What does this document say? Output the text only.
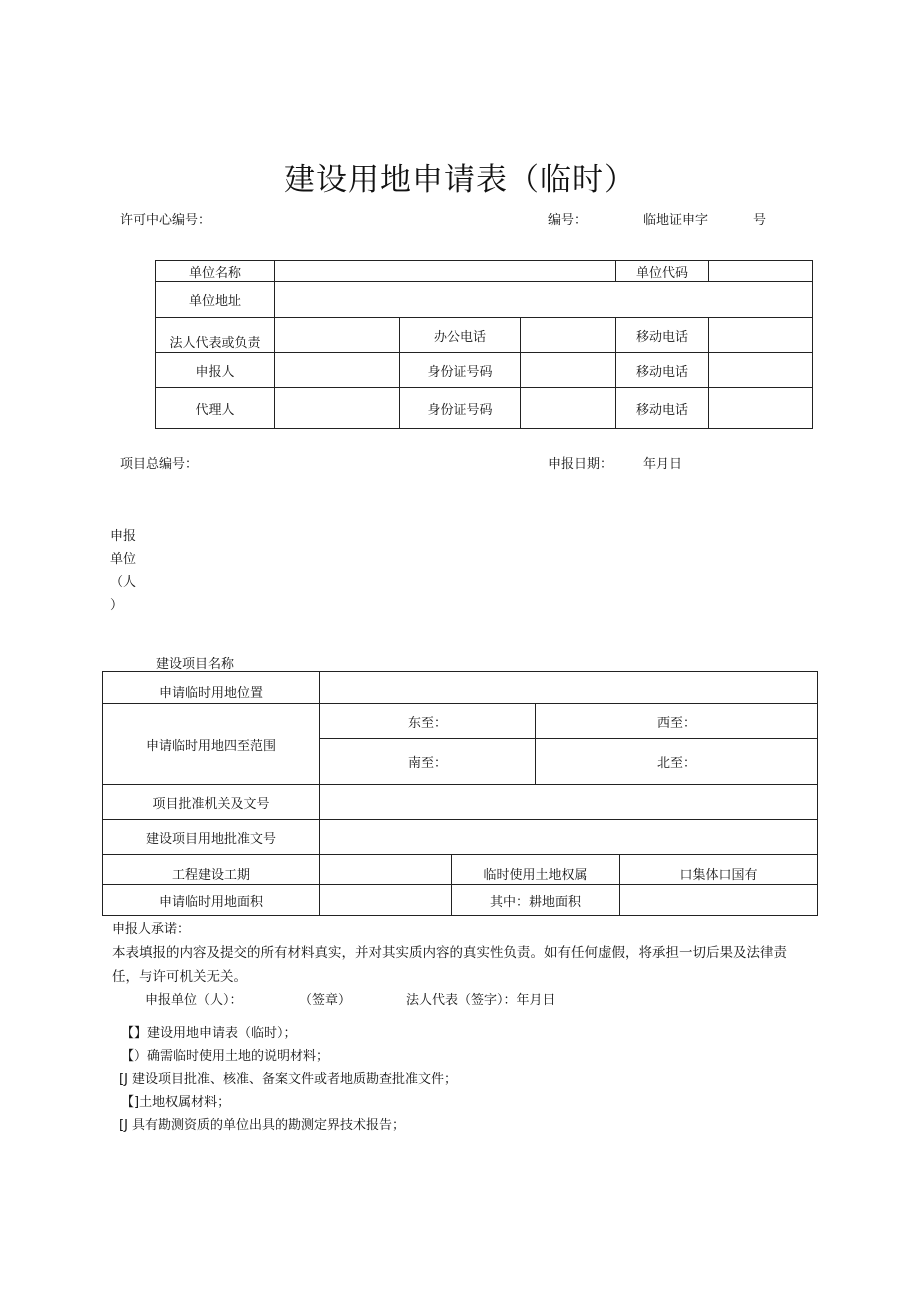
建设用地申请表（临时）
许可中心编号：	编号：	临地证申字	号
单位名称				单位代码	
单位地址					

法人代表或负责		办公电话		移动电话	
申报人		身份证号码		移动电话	
代理人		身份证号码		移动电话	
项目总编号：	申报日期： 年月日
申报
单位
（人
）
建设项目名称
申请临时用地位置				
申请临时用地四至范围	东至：		西至：	
	南至：		北至：	
项目批准机关及文号				
建设项目用地批准文号				
工程建设工期		临时使用土地权属		口集体口国有
申请临时用地面积		其中：耕地面积		
申报人承诺：
本表填报的内容及提交的所有材料真实，并对其实质内容的真实性负责。如有任何虚假，将承担一切后果及法律责
任，与许可机关无关。
申报单位（人）：	（签章）	法人代表（签字）：年月日
【】建设用地申请表（临时）；
【）确需临时使用土地的说明材料；
[J 建设项目批准、核准、备案文件或者地质勘查批准文件；
【]土地权属材料；
[J 具有勘测资质的单位出具的勘测定界技术报告；
